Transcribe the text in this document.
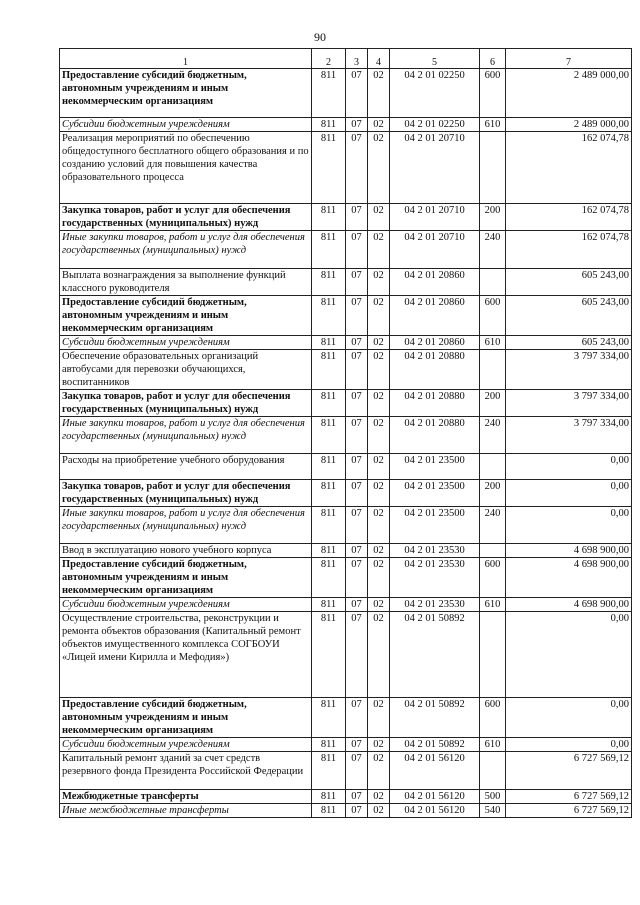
90
1	2	3	4	5	6	7
Предоставление субсидий бюджетным, автономным учреждениям и иным некоммерческим организациям	811	07	02	04 2 01 02250	600	2 489 000,00
Субсидии бюджетным учреждениям	811	07	02	04 2 01 02250	610	2 489 000,00
Реализация мероприятий по обеспечению общедоступного бесплатного общего образования и по созданию условий для повышения качества образовательного процесса	811	07	02	04 2 01 20710		162 074,78
Закупка товаров, работ и услуг для обеспечения государственных (муниципальных) нужд	811	07	02	04 2 01 20710	200	162 074,78
Иные закупки товаров, работ и услуг для обеспечения государственных (муниципальных) нужд	811	07	02	04 2 01 20710	240	162 074,78
Выплата вознаграждения за выполнение функций классного руководителя	811	07	02	04 2 01 20860		605 243,00
Предоставление субсидий бюджетным, автономным учреждениям и иным некоммерческим организациям	811	07	02	04 2 01 20860	600	605 243,00
Субсидии бюджетным учреждениям	811	07	02	04 2 01 20860	610	605 243,00
Обеспечение образовательных организаций автобусами для перевозки обучающихся, воспитанников	811	07	02	04 2 01 20880		3 797 334,00
Закупка товаров, работ и услуг для обеспечения государственных (муниципальных) нужд	811	07	02	04 2 01 20880	200	3 797 334,00
Иные закупки товаров, работ и услуг для обеспечения государственных (муниципальных) нужд	811	07	02	04 2 01 20880	240	3 797 334,00
Расходы на приобретение учебного оборудования	811	07	02	04 2 01 23500		0,00
Закупка товаров, работ и услуг для обеспечения государственных (муниципальных) нужд	811	07	02	04 2 01 23500	200	0,00
Иные закупки товаров, работ и услуг для обеспечения государственных (муниципальных) нужд	811	07	02	04 2 01 23500	240	0,00
Ввод в эксплуатацию нового учебного корпуса	811	07	02	04 2 01 23530		4 698 900,00
Предоставление субсидий бюджетным, автономным учреждениям и иным некоммерческим организациям	811	07	02	04 2 01 23530	600	4 698 900,00
Субсидии бюджетным учреждениям	811	07	02	04 2 01 23530	610	4 698 900,00
Осуществление строительства, реконструкции и ремонта объектов образования (Капитальный ремонт объектов имущественного комплекса СОГБОУИ «Лицей имени Кирилла и Мефодия»)	811	07	02	04 2 01 50892		0,00
Предоставление субсидий бюджетным, автономным учреждениям и иным некоммерческим организациям	811	07	02	04 2 01 50892	600	0,00
Субсидии бюджетным учреждениям	811	07	02	04 2 01 50892	610	0,00
Капитальный ремонт зданий за счет средств резервного фонда Президента Российской Федерации	811	07	02	04 2 01 56120		6 727 569,12
Межбюджетные трансферты	811	07	02	04 2 01 56120	500	6 727 569,12
Иные межбюджетные трансферты	811	07	02	04 2 01 56120	540	6 727 569,12
